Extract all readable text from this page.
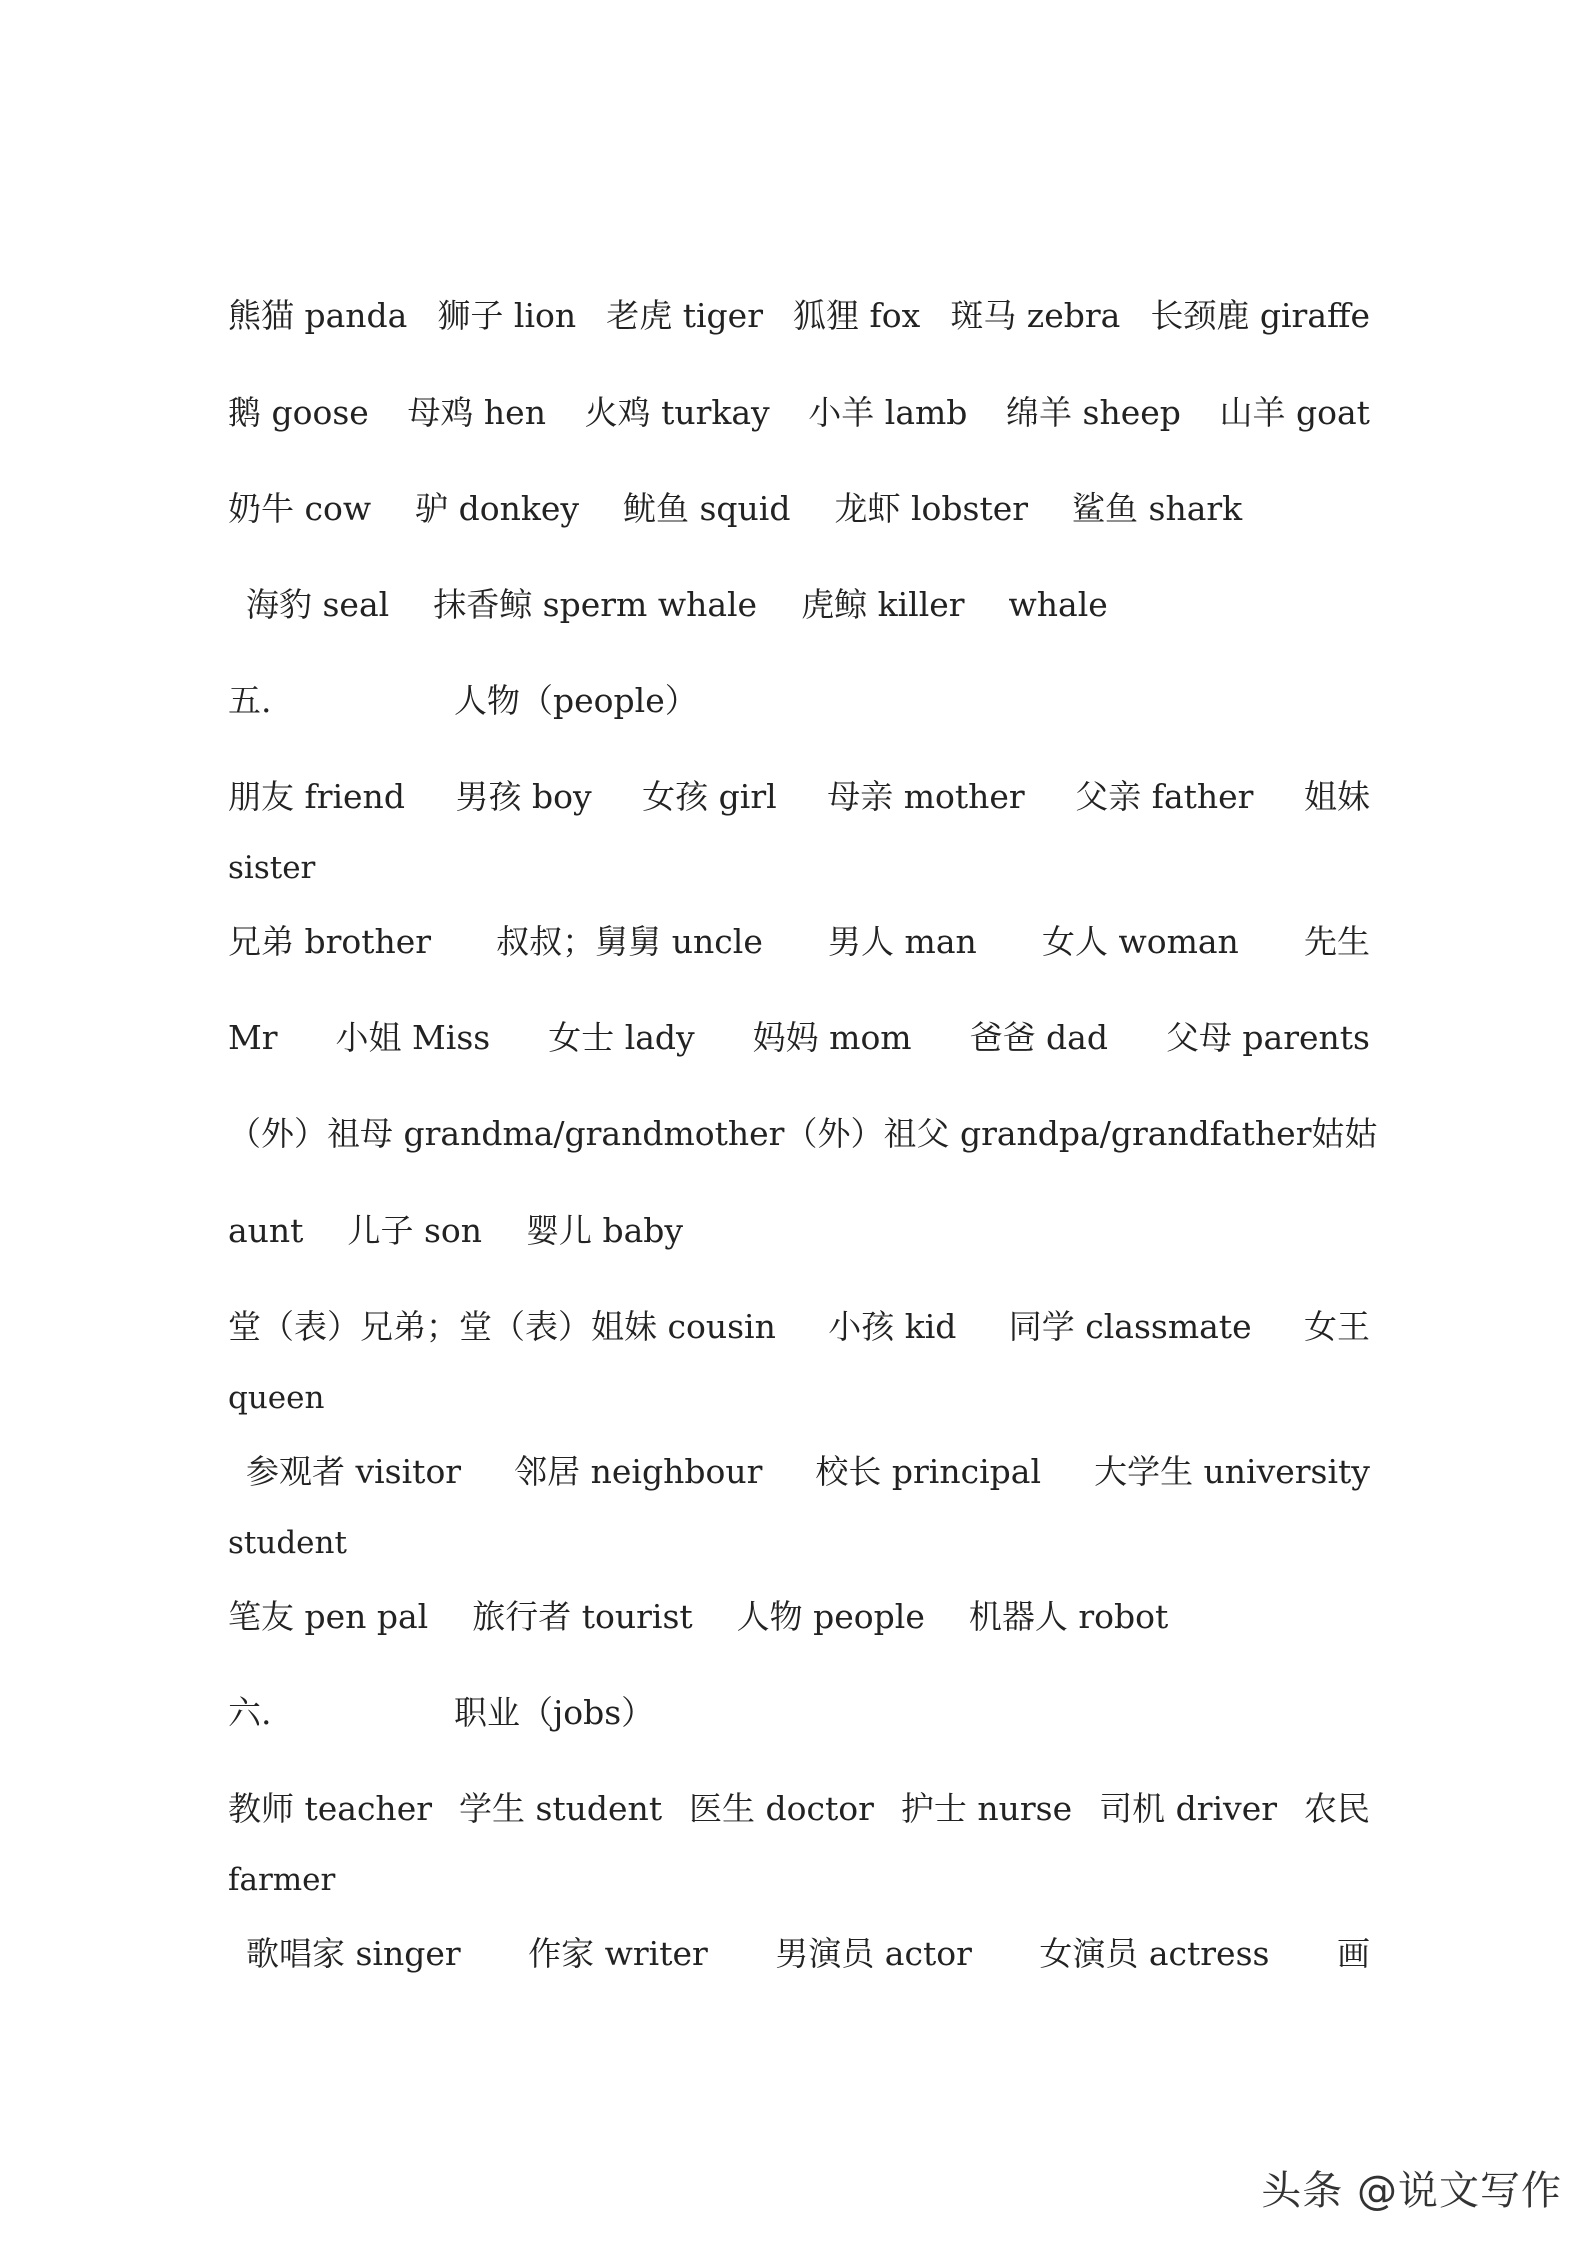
熊猫 panda 狮子 lion 老虎 tiger 狐狸 fox 斑马 zebra 长颈鹿 giraffe
鹅 goose 母鸡 hen 火鸡 turkay 小羊 lamb 绵羊 sheep 山羊 goat
奶牛 cow 驴 donkey 鱿鱼 squid 龙虾 lobster 鲨鱼 shark
海豹 seal 抹香鲸 sperm whale 虎鲸 killer whale
五.	人物（people）
朋友 friend 男孩 boy 女孩 girl 母亲 mother 父亲 father 姐妹
sister
兄弟 brother 叔叔；舅舅 uncle 男人 man 女人 woman 先生
Mr 小姐 Miss 女士 lady 妈妈 mom 爸爸 dad 父母 parents
（外）祖母 grandma/grandmother （外）祖父 grandpa/grandfather 姑姑
aunt 儿子 son 婴儿 baby
堂（表）兄弟；堂（表）姐妹 cousin 小孩 kid 同学 classmate 女王
queen
参观者 visitor 邻居 neighbour 校长 principal 大学生 university
student
笔友 pen pal 旅行者 tourist 人物 people 机器人 robot
六.	职业（jobs）
教师 teacher 学生 student 医生 doctor 护士 nurse 司机 driver 农民
farmer
歌唱家 singer 作家 writer 男演员 actor 女演员 actress 画
头条 @说文写作
